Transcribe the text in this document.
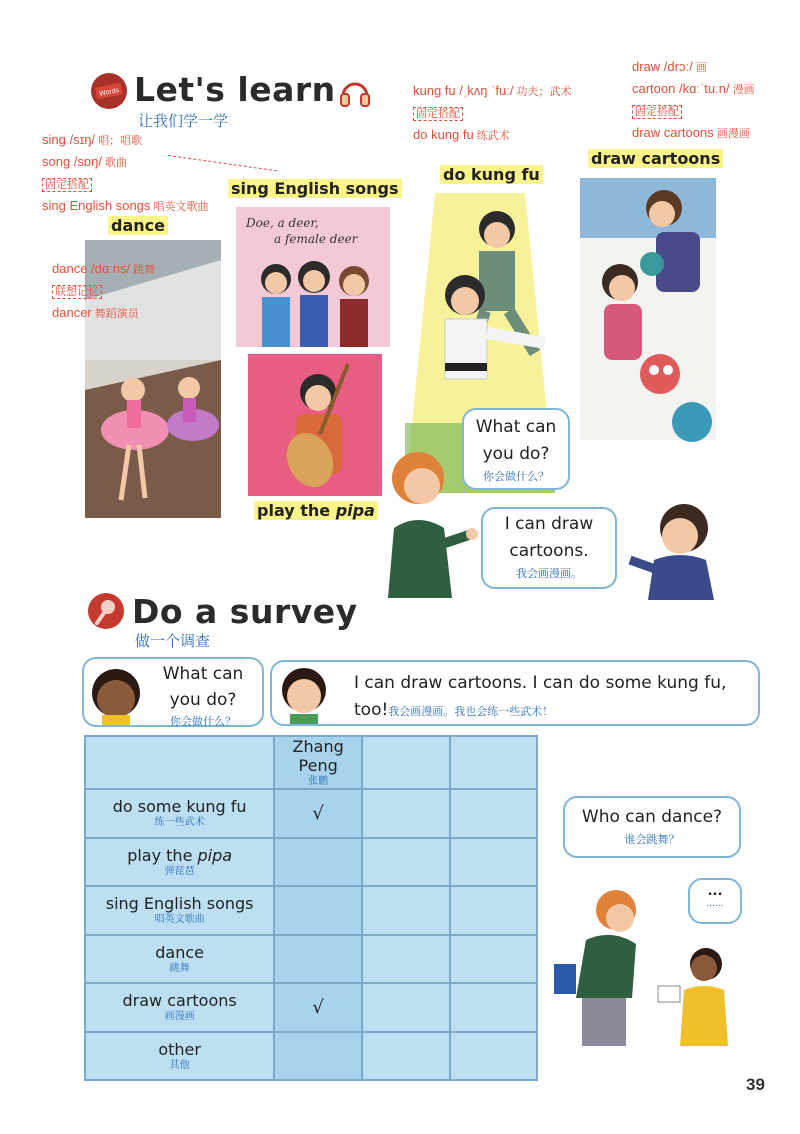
Words Let's learn
让我们学一学
sing /sɪŋ/ 唱；唱歌
song /sɒŋ/ 歌曲
固定搭配
sing English songs 唱英文歌曲
kung fu /ˌkʌŋ ˈfuː/ 功夫；武术
固定搭配
do kung fu 练武术
draw /drɔː/ 画
cartoon /kɑːˈtuːn/ 漫画
固定搭配
draw cartoons 画漫画
sing English songs
dance
do kung fu
draw cartoons
play the pipa
dance /dɑːns/ 跳舞
联想记忆
dancer 舞蹈演员
Doe, a deer,
a female deer
What can
you do?
你会做什么？
I can draw
cartoons.
我会画漫画。
Do a survey
做一个调查
What can
you do?
你会做什么？
I can draw cartoons. I can do some kung fu, too!我会画漫画。我也会练一些武术！

	Zhang
Peng
张鹏		

do some kung fu
练一些武术	√		

play the pipa
弹琵琶			

sing English songs
唱英文歌曲			

dance
跳舞			

draw cartoons
画漫画	√		

other
其他			

Who can dance?
谁会跳舞？
...
......
39
